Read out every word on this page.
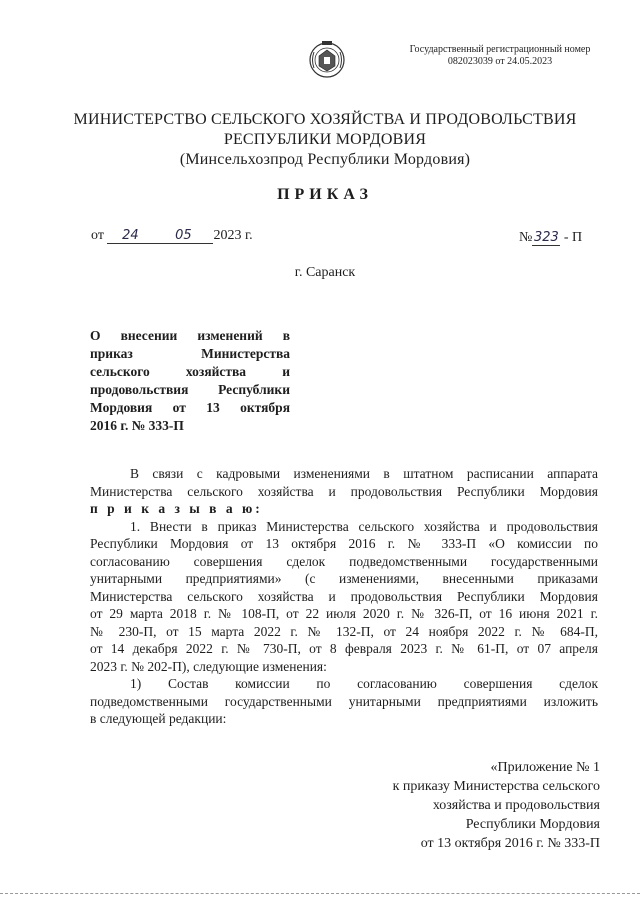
Государственный регистрационный номер
082023039 от 24.05.2023
МИНИСТЕРСТВО СЕЛЬСКОГО ХОЗЯЙСТВА И ПРОДОВОЛЬСТВИЯ
РЕСПУБЛИКИ МОРДОВИЯ
(Минсельхозпрод Республики Мордовия)
ПРИКАЗ
от 24	05 2023 г.	№ 323 - П
г. Саранск
О внесении изменений в
приказ Министерства
сельского хозяйства и
продовольствия Республики
Мордовия от 13 октября
2016 г. № 333-П
В связи с кадровыми изменениями в штатном расписании аппарата
Министерства сельского хозяйства и продовольствия Республики Мордовия
п р и к а з ы в а ю:
1. Внести в приказ Министерства сельского хозяйства и продовольствия
Республики Мордовия от 13 октября 2016 г. № 333-П «О комиссии по
согласованию совершения сделок подведомственными государственными
унитарными предприятиями» (с изменениями, внесенными приказами
Министерства сельского хозяйства и продовольствия Республики Мордовия
от 29 марта 2018 г. № 108-П, от 22 июля 2020 г. № 326-П, от 16 июня 2021 г.
№ 230-П, от 15 марта 2022 г. № 132-П, от 24 ноября 2022 г. № 684-П,
от 14 декабря 2022 г. № 730-П, от 8 февраля 2023 г. № 61-П, от 07 апреля
2023 г. № 202-П), следующие изменения:
1) Состав комиссии по согласованию совершения сделок
подведомственными государственными унитарными предприятиями изложить
в следующей редакции:
«Приложение № 1
к приказу Министерства сельского
хозяйства и продовольствия
Республики Мордовия
от 13 октября 2016 г. № 333-П
